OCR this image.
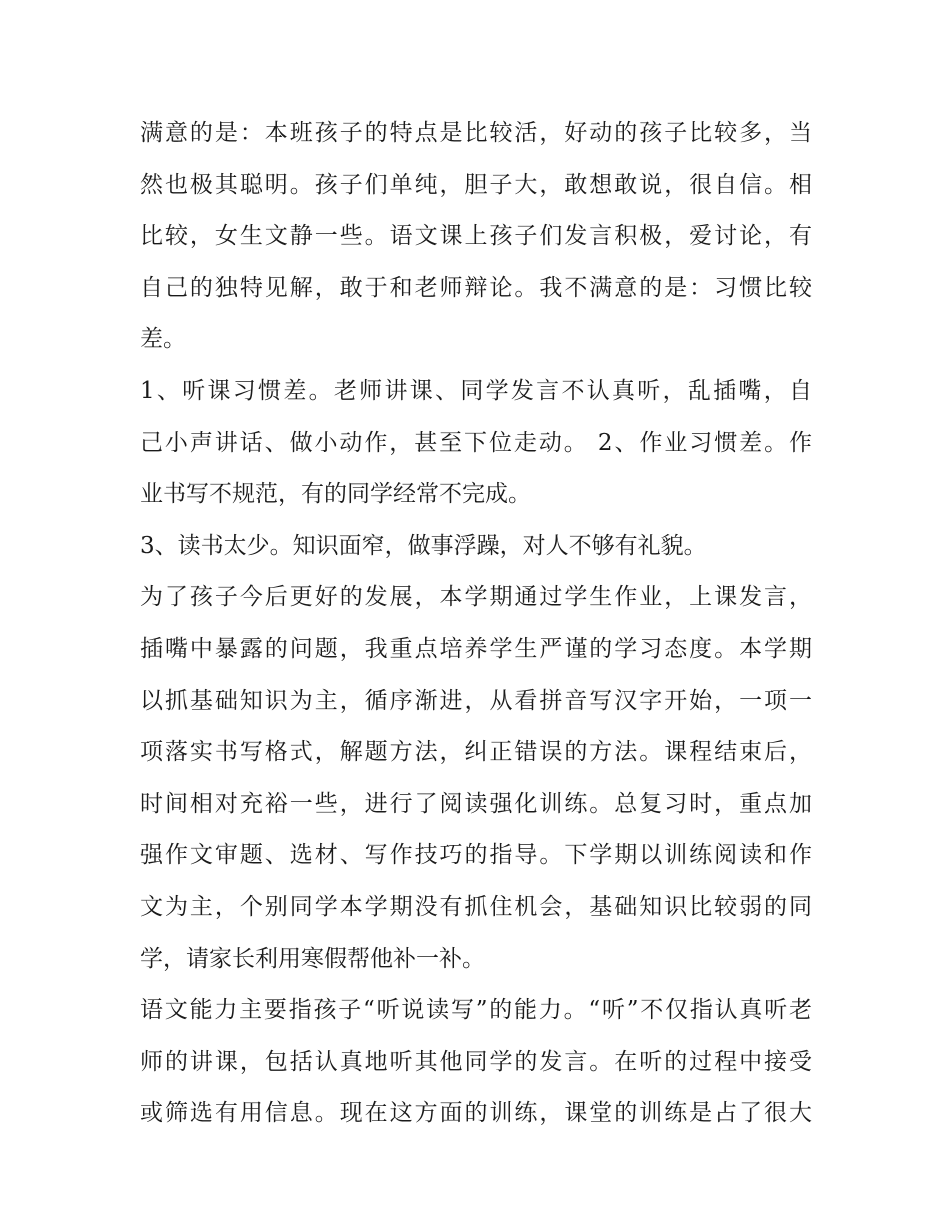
满意的是：本班孩子的特点是比较活，好动的孩子比较多，当
然也极其聪明。孩子们单纯，胆子大，敢想敢说，很自信。相
比较，女生文静一些。语文课上孩子们发言积极，爱讨论，有
自己的独特见解，敢于和老师辩论。我不满意的是：习惯比较
差。

1、听课习惯差。老师讲课、同学发言不认真听，乱插嘴，自
己小声讲话、做小动作，甚至下位走动。 2、作业习惯差。作
业书写不规范，有的同学经常不完成。

3、读书太少。知识面窄，做事浮躁，对人不够有礼貌。

为了孩子今后更好的发展，本学期通过学生作业，上课发言，
插嘴中暴露的问题，我重点培养学生严谨的学习态度。本学期
以抓基础知识为主，循序渐进，从看拼音写汉字开始，一项一
项落实书写格式，解题方法，纠正错误的方法。课程结束后，
时间相对充裕一些，进行了阅读强化训练。总复习时，重点加
强作文审题、选材、写作技巧的指导。下学期以训练阅读和作
文为主，个别同学本学期没有抓住机会，基础知识比较弱的同
学，请家长利用寒假帮他补一补。

语文能力主要指孩子“听说读写”的能力。“听”不仅指认真听老
师的讲课，包括认真地听其他同学的发言。在听的过程中接受
或筛选有用信息。现在这方面的训练，课堂的训练是占了很大
